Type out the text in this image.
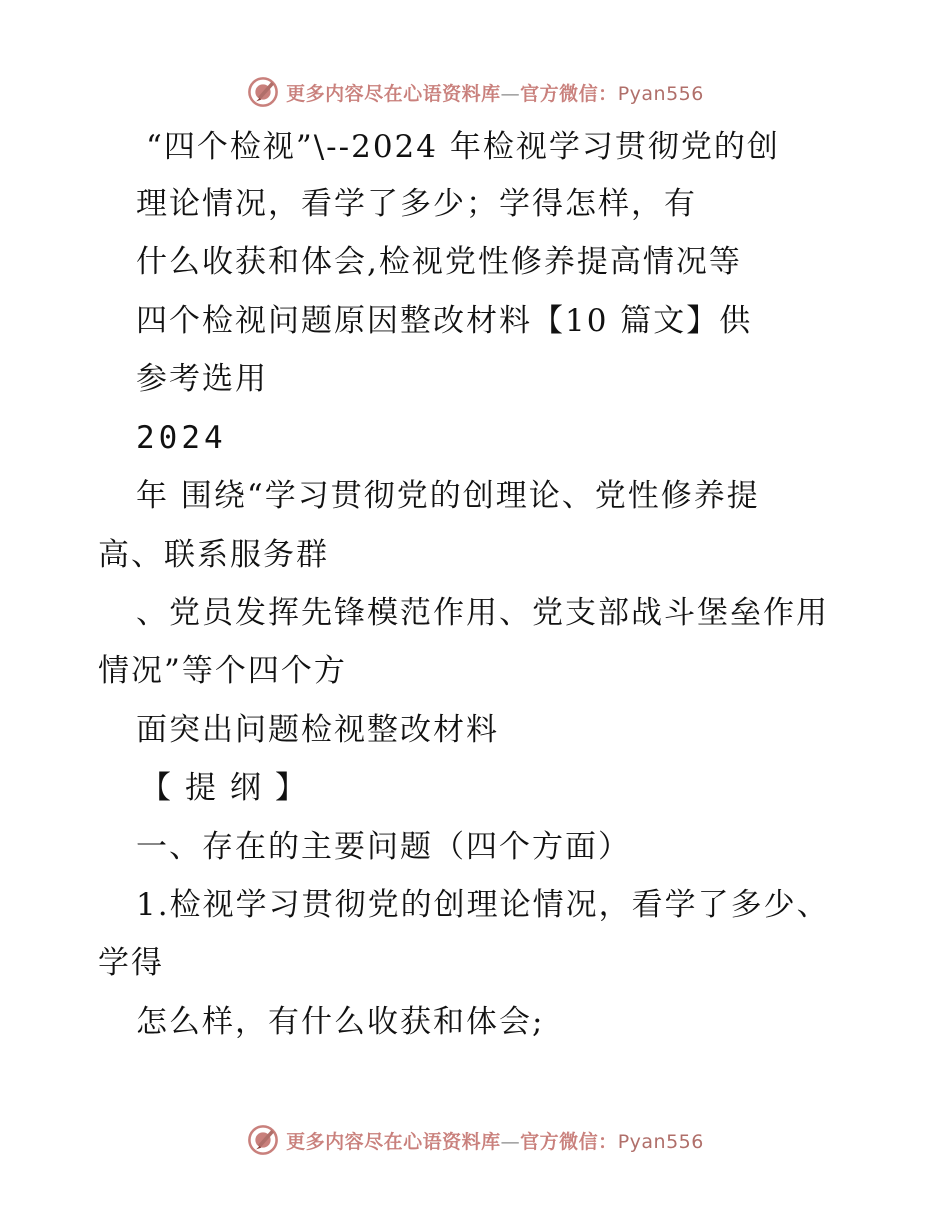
更多内容尽在心语资料库—官方微信：Pyan556
“四个检视”\--2024 年检视学习贯彻党的创
理论情况，看学了多少；学得怎样，有
什么收获和体会,检视党性修养提高情况等
四个检视问题原因整改材料【10 篇文】供
参考选用
2024
年 围绕“学习贯彻党的创理论、党性修养提
高、联系服务群
、党员发挥先锋模范作用、党支部战斗堡垒作用
情况”等个四个方
面突出问题检视整改材料
【提纲】
一、存在的主要问题（四个方面）
1.检视学习贯彻党的创理论情况，看学了多少、
学得
怎么样，有什么收获和体会;
更多内容尽在心语资料库—官方微信：Pyan556
